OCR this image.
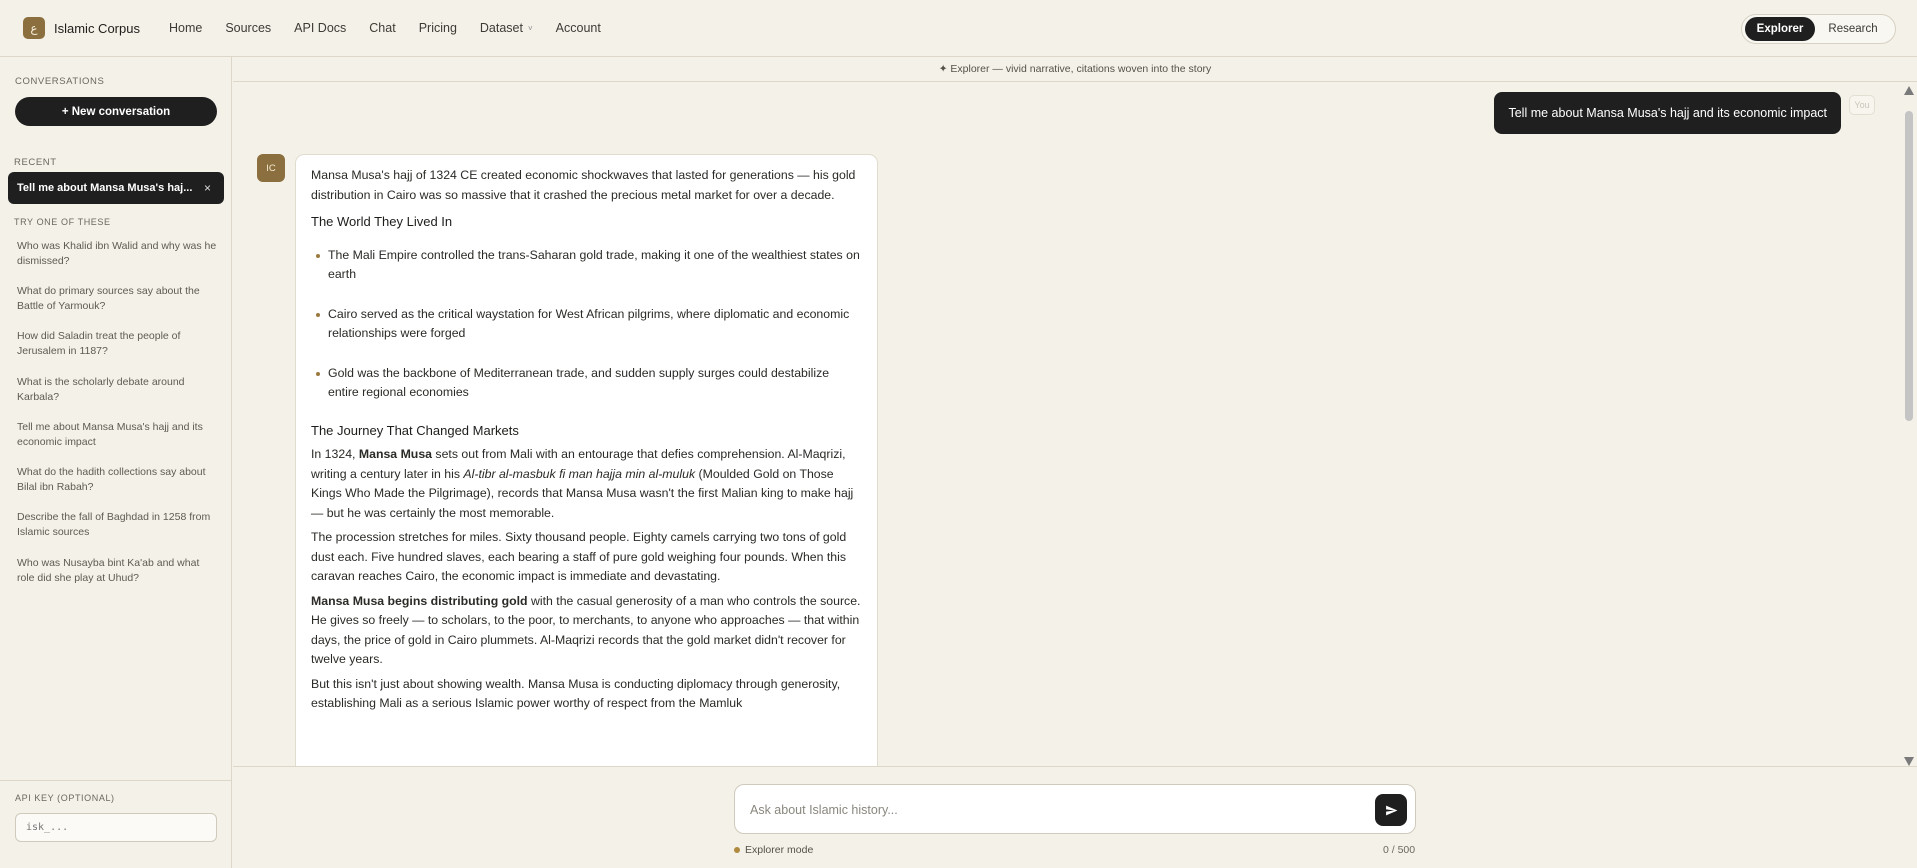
ع	Islamic Corpus Home Sources API Docs Chat Pricing Dataset ˅ Account	Explorer	Research
CONVERSATIONS
+ New conversation
RECENT
Tell me about Mansa Musa's haj... ×
TRY ONE OF THESE
Who was Khalid ibn Walid and why was he dismissed?
What do primary sources say about the Battle of Yarmouk?
How did Saladin treat the people of Jerusalem in 1187?
What is the scholarly debate around Karbala?
Tell me about Mansa Musa's hajj and its economic impact
What do the hadith collections say about Bilal ibn Rabah?
Describe the fall of Baghdad in 1258 from Islamic sources
Who was Nusayba bint Ka'ab and what role did she play at Uhud?
API KEY (OPTIONAL)
isk_...
✦ Explorer — vivid narrative, citations woven into the story
Tell me about Mansa Musa's hajj and its economic impact
You
IC	Mansa Musa's hajj of 1324 CE created economic shockwaves that lasted for generations — his gold distribution in Cairo was so massive that it crashed the precious metal market for over a decade.

The World They Lived In
The Mali Empire controlled the trans-Saharan gold trade, making it one of the wealthiest states on earth
Cairo served as the critical waystation for West African pilgrims, where diplomatic and economic relationships were forged
Gold was the backbone of Mediterranean trade, and sudden supply surges could destabilize entire regional economies
The Journey That Changed Markets

In 1324, Mansa Musa sets out from Mali with an entourage that defies comprehension. Al-Maqrizi, writing a century later in his Al-tibr al-masbuk fi man hajja min al-muluk (Moulded Gold on Those Kings Who Made the Pilgrimage), records that Mansa Musa wasn't the first Malian king to make hajj — but he was certainly the most memorable.

The procession stretches for miles. Sixty thousand people. Eighty camels carrying two tons of gold dust each. Five hundred slaves, each bearing a staff of pure gold weighing four pounds. When this caravan reaches Cairo, the economic impact is immediate and devastating.

Mansa Musa begins distributing gold with the casual generosity of a man who controls the source. He gives so freely — to scholars, to the poor, to merchants, to anyone who approaches — that within days, the price of gold in Cairo plummets. Al-Maqrizi records that the gold market didn't recover for twelve years.

But this isn't just about showing wealth. Mansa Musa is conducting diplomacy through generosity, establishing Mali as a serious Islamic power worthy of respect from the Mamluk

Ask about Islamic history...
Explorer mode	0 / 500
